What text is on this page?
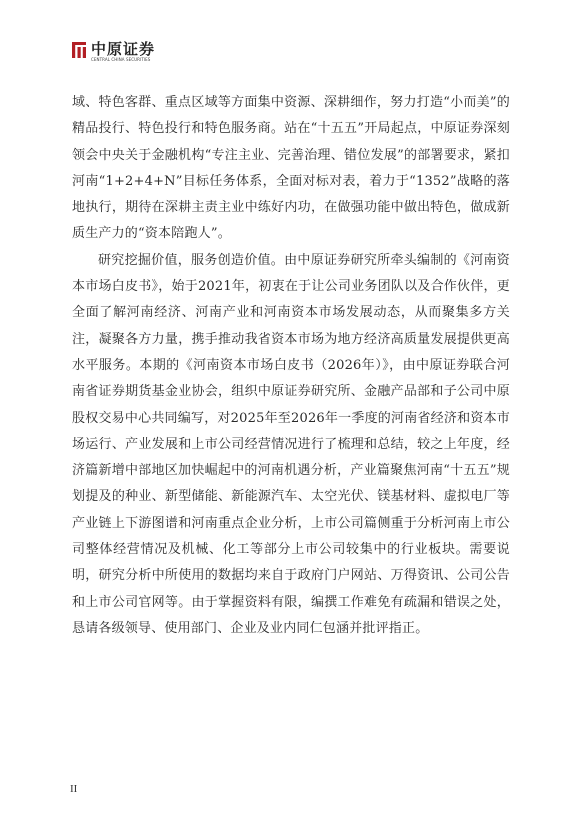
中原证券
CENTRAL CHINA SECURITIES

域、特色客群、重点区域等方面集中资源、深耕细作，努力打造“小而美”的精品投行、特色投行和特色服务商。站在“十五五”开局起点，中原证券深刻领会中央关于金融机构“专注主业、完善治理、错位发展”的部署要求，紧扣河南“1+2+4+N”目标任务体系，全面对标对表，着力于“1352”战略的落地执行，期待在深耕主责主业中练好内功，在做强功能中做出特色，做成新质生产力的“资本陪跑人”。

研究挖掘价值，服务创造价值。由中原证券研究所牵头编制的《河南资本市场白皮书》，始于2021年，初衷在于让公司业务团队以及合作伙伴，更全面了解河南经济、河南产业和河南资本市场发展动态，从而聚集多方关注，凝聚各方力量，携手推动我省资本市场为地方经济高质量发展提供更高水平服务。本期的《河南资本市场白皮书（2026年）》，由中原证券联合河南省证券期货基金业协会，组织中原证券研究所、金融产品部和子公司中原股权交易中心共同编写，对2025年至2026年一季度的河南省经济和资本市场运行、产业发展和上市公司经营情况进行了梳理和总结，较之上年度，经济篇新增中部地区加快崛起中的河南机遇分析，产业篇聚焦河南“十五五”规划提及的种业、新型储能、新能源汽车、太空光伏、镁基材料、虚拟电厂等产业链上下游图谱和河南重点企业分析，上市公司篇侧重于分析河南上市公司整体经营情况及机械、化工等部分上市公司较集中的行业板块。需要说明，研究分析中所使用的数据均来自于政府门户网站、万得资讯、公司公告和上市公司官网等。由于掌握资料有限，编撰工作难免有疏漏和错误之处，恳请各级领导、使用部门、企业及业内同仁包涵并批评指正。

II
